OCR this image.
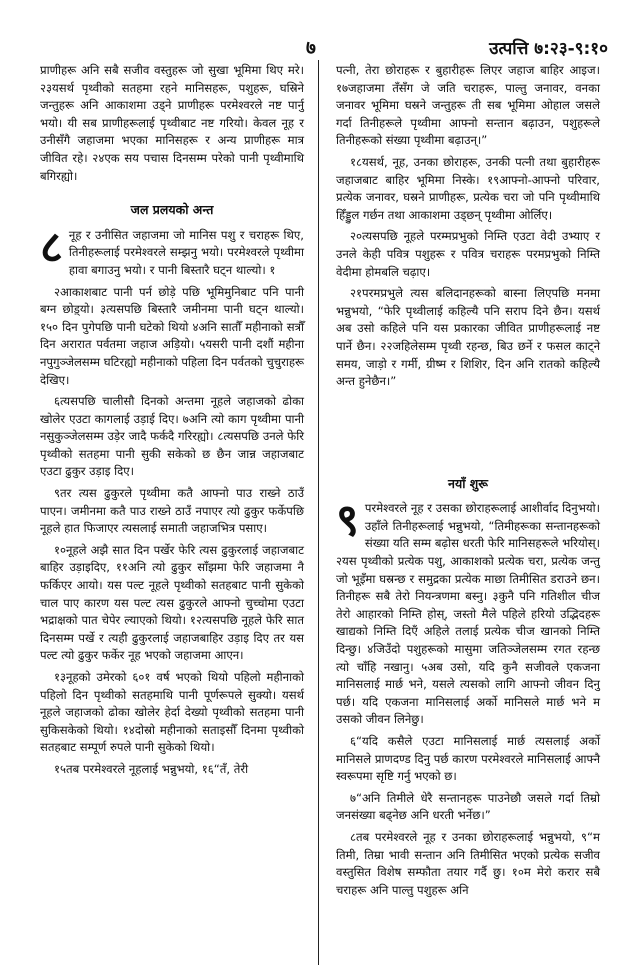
७	उत्पत्ति ७:२३-९:१०

प्राणीहरू अनि सबै सजीव वस्तुहरू जो सुखा भूमिमा थिए मरे। २३यसर्थ पृथ्वीको सतहमा रहने मानिसहरू, पशुहरू, घस्रिने जन्तुहरू अनि आकाशमा उड्ने प्राणीहरू परमेश्वरले नष्ट पार्नु भयो। यी सब प्राणीहरूलाई पृथ्वीबाट नष्ट गरियो। केवल नूह र उनीसँगै जहाजमा भएका मानिसहरू र अन्य प्राणीहरू मात्र जीवित रहे। २४एक सय पचास दिनसम्म परेको पानी पृथ्वीमाथि बगिरह्यो।

जल प्रलयको अन्त

८ नूह र उनीसित जहाजमा जो मानिस पशु र चराहरू थिए, तिनीहरूलाई परमेश्वरले सम्झनु भयो। परमेश्वरले पृथ्वीमा हावा बगाउनु भयो। र पानी बिस्तारै घट्न थाल्यो। १

२आकाशबाट पानी पर्न छोड़े पछि भूमिमुनिबाट पनि पानी बग्न छोड़्यो। ३त्यसपछि बिस्तारै जमीनमा पानी घट्न थाल्यो। १५० दिन पुगेपछि पानी घटेको थियो ४अनि सातौँ महीनाको सत्रौँ दिन अरारात पर्वतमा जहाज अड़ियो। ५यसरी पानी दशौं महीना नपुगुञ्जेलसम्म घटिरह्यो महीनाको पहिला दिन पर्वतको चुचुराहरू देखिए।

६त्यसपछि चालीसौ दिनको अन्तमा नूहले जहाजको ढोका खोलेर एउटा कागलाई उड़ाई दिए। ७अनि त्यो काग पृथ्वीमा पानी नसुकुञ्जेलसम्म उड़ेर जादै फर्कदै गरिरह्यो। ८त्यसपछि उनले फेरि पृथ्वीको सतहमा पानी सुकी सकेको छ छैन जान्न जहाजबाट एउटा ढुकुर उड़ाइ दिए।

९तर त्यस ढुकुरले पृथ्वीमा कतै आफ्नो पाउ राख्ने ठाउँ पाएन। जमीनमा कतै पाउ राख्ने ठाउँ नपाएर त्यो ढुकुर फर्केपछि नूहले हात फिजाएर त्यसलाई समाती जहाजभित्र पसाए।

१०नूहले अझै सात दिन पर्खेर फेरि त्यस ढुकुरलाई जहाजबाट बाहिर उड़ाइदिए, ११अनि त्यो ढुकुर साँझमा फेरि जहाजमा नै फर्किएर आयो। यस पल्ट नूहले पृथ्वीको सतहबाट पानी सुकेको चाल पाए कारण यस पल्ट त्यस ढुकुरले आफ्नो चुच्चोमा एउटा भद्राक्षको पात चेपेर ल्याएको थियो। १२त्यसपछि नूहले फेरि सात दिनसम्म पर्खे र त्यही ढुकुरलाई जहाजबाहिर उड़ाइ दिए तर यस पल्ट त्यो ढुकुर फर्केर नूह भएको जहाजमा आएन।

१३नूहको उमेरको ६०१ वर्ष भएको थियो पहिलो महीनाको पहिलो दिन पृथ्वीको सतहमाथि पानी पूर्णरूपले सुक्यो। यसर्थ नूहले जहाजको ढोका खोलेर हेर्दा देख्यो पृथ्वीको सतहमा पानी सुकिसकेको थियो। १४दोस्रो महीनाको सताइसौँ दिनमा पृथ्वीको सतहबाट सम्पूर्ण रुपले पानी सुकेको थियो।

१५तब परमेश्वरले नूहलाई भन्नुभयो, १६“तँ, तेरी

पत्नी, तेरा छोराहरू र बुहारीहरू लिएर जहाज बाहिर आइज। १७जहाजमा तँसँग जे जति चराहरू, पाल्तु जनावर, वनका जनावर भूमिमा घस्रने जन्तुहरू ती सब भूमिमा ओहाल जसले गर्दा तिनीहरूले पृथ्वीमा आफ्नो सन्तान बढ़ाउन, पशुहरूले तिनीहरूको संख्या पृथ्वीमा बढ़ाउन्।”

१८यसर्थ, नूह, उनका छोराहरू, उनकी पत्नी तथा बुहारीहरू जहाजबाट बाहिर भूमिमा निस्के। १९आफ्नो-आफ्नो परिवार, प्रत्येक जनावर, घस्रने प्राणीहरू, प्रत्येक चरा जो पनि पृथ्वीमाथि हिँड्डुल गर्छन तथा आकाशमा उड्छन् पृथ्वीमा ओर्लिए।

२०त्यसपछि नूहले परम्मप्रभुको निम्ति एउटा वेदी उभ्याए र उनले केही पवित्र पशुहरू र पवित्र चराहरू परमप्रभुको निम्ति वेदीमा होमबलि चढ़ाए।

२१परमप्रभुले त्यस बलिदानहरूको बास्ना लिएपछि मनमा भन्नुभयो, “फेरि पृथ्वीलाई कहिल्यै पनि सराप दिने छैन। यसर्थ अब उसो कहिले पनि यस प्रकारका जीवित प्राणीहरूलाई नष्ट पार्ने छैन। २२जहिलेसम्म पृथ्वी रहन्छ, बिउ छर्ने र फसल काट्ने समय, जाड़ो र गर्मी, ग्रीष्म र शिशिर, दिन अनि रातको कहिल्यै अन्त हुनेछैन।”

नयाँ शुरू

९ परमेश्वरले नूह र उसका छोराहरूलाई आशीर्वाद दिनुभयो। उहाँले तिनीहरूलाई भन्नुभयो, “तिमीहरूका सन्तानहरूको संख्या यति सम्म बढ़ोस धरती फेरि मानिसहरूले भरियोस्। २यस पृथ्वीको प्रत्येक पशु, आकाशको प्रत्येक चरा, प्रत्येक जन्तु जो भूइँमा घस्रन्छ र समुद्रका प्रत्येक माछा तिमीसित डराउने छन। तिनीहरू सबै तेरो नियन्त्रणमा बस्नु। ३कुनै पनि गतिशील चीज तेरो आहारको निम्ति होस्, जस्तो मैले पहिले हरियो उद्भिदहरू खाद्यको निम्ति दिएँ अहिले तलाई प्रत्येक चीज खानको निम्ति दिन्छु। ४जिउँदो पशुहरूको मासुमा जतिञ्जेलसम्म रगत रहन्छ त्यो चाँहि नखानु। ५अब उसो, यदि कुनै सजीवले एकजना मानिसलाई मार्छ भने, यसले त्यसको लागि आफ्नो जीवन दिनु पर्छ। यदि एकजना मानिसलाई अर्को मानिसले मार्छ भने म उसको जीवन लिनेछु।

६“यदि कसैले एउटा मानिसलाई मार्छ त्यसलाई अर्को मानिसले प्राणदण्ड दिनु पर्छ कारण परमेश्वरले मानिसलाई आफ्नै स्वरूपमा सृष्टि गर्नु भएको छ।

७“अनि तिमीले धेरै सन्तानहरू पाउनेछौ जसले गर्दा तिम्रो जनसंख्या बढ्नेछ अनि धरती भर्नेछ।”

८तब परमेश्वरले नूह र उनका छोराहरूलाई भन्नुभयो, ९“म तिमी, तिम्रा भावी सन्तान अनि तिमीसित भएको प्रत्येक सजीव वस्तुसित विशेष सम्फौता तयार गर्दै छु। १०म मेरो करार सबै चराहरू अनि पाल्तु पशुहरू अनि
